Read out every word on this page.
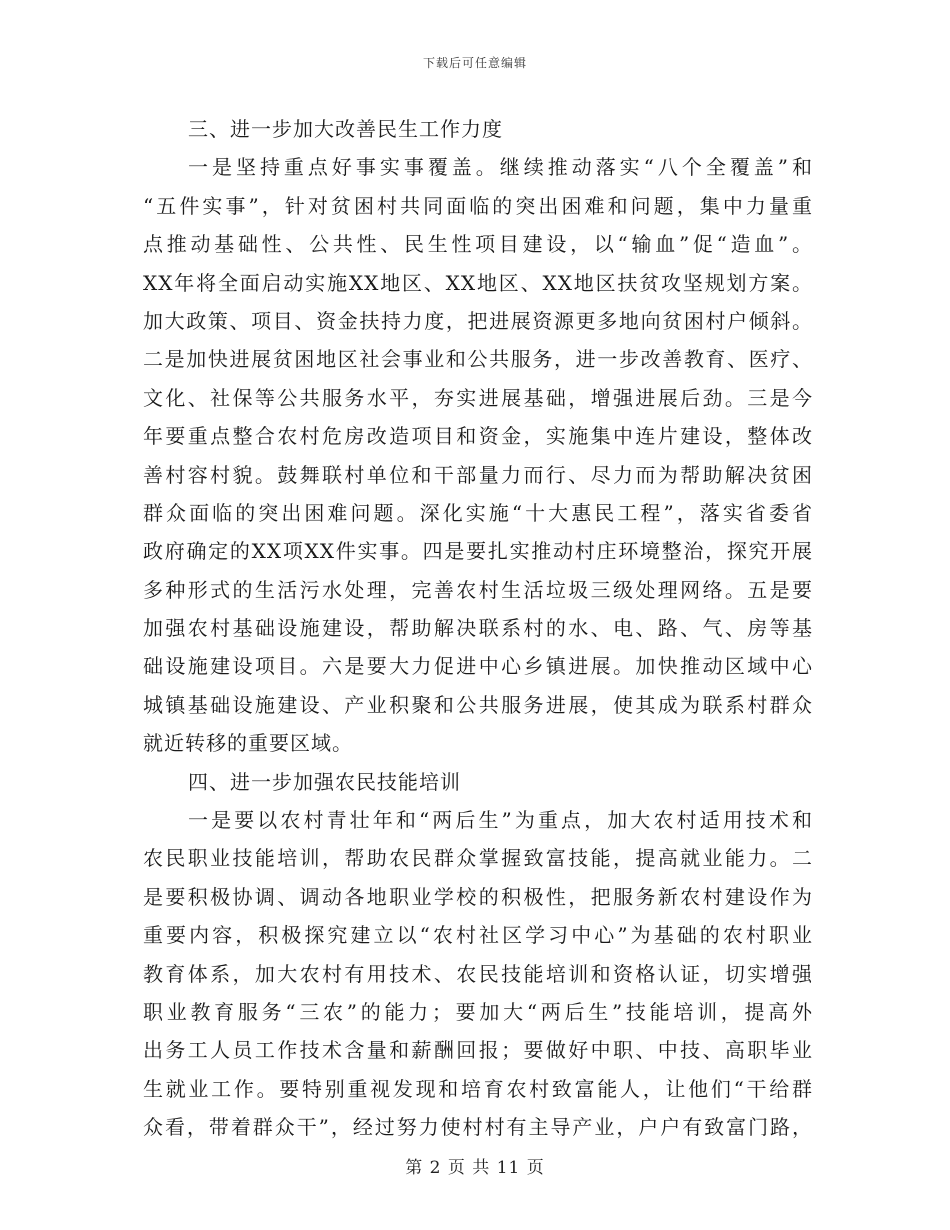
下载后可任意编辑
三、进一步加大改善民生工作力度
一是坚持重点好事实事覆盖。继续推动落实“八个全覆盖”和
“五件实事”，针对贫困村共同面临的突出困难和问题，集中力量重
点推动基础性、公共性、民生性项目建设，以“输血”促“造血”。
XX年将全面启动实施XX地区、XX地区、XX地区扶贫攻坚规划方案。
加大政策、项目、资金扶持力度，把进展资源更多地向贫困村户倾斜。
二是加快进展贫困地区社会事业和公共服务，进一步改善教育、医疗、
文化、社保等公共服务水平，夯实进展基础，增强进展后劲。三是今
年要重点整合农村危房改造项目和资金，实施集中连片建设，整体改
善村容村貌。鼓舞联村单位和干部量力而行、尽力而为帮助解决贫困
群众面临的突出困难问题。深化实施“十大惠民工程”，落实省委省
政府确定的XX项XX件实事。四是要扎实推动村庄环境整治，探究开展
多种形式的生活污水处理，完善农村生活垃圾三级处理网络。五是要
加强农村基础设施建设，帮助解决联系村的水、电、路、气、房等基
础设施建设项目。六是要大力促进中心乡镇进展。加快推动区域中心
城镇基础设施建设、产业积聚和公共服务进展，使其成为联系村群众
就近转移的重要区域。
四、进一步加强农民技能培训
一是要以农村青壮年和“两后生”为重点，加大农村适用技术和
农民职业技能培训，帮助农民群众掌握致富技能，提高就业能力。二
是要积极协调、调动各地职业学校的积极性，把服务新农村建设作为
重要内容，积极探究建立以“农村社区学习中心”为基础的农村职业
教育体系，加大农村有用技术、农民技能培训和资格认证，切实增强
职业教育服务“三农”的能力；要加大“两后生”技能培训，提高外
出务工人员工作技术含量和薪酬回报；要做好中职、中技、高职毕业
生就业工作。要特别重视发现和培育农村致富能人，让他们“干给群
众看，带着群众干”，经过努力使村村有主导产业，户户有致富门路，
第 2 页 共 11 页
